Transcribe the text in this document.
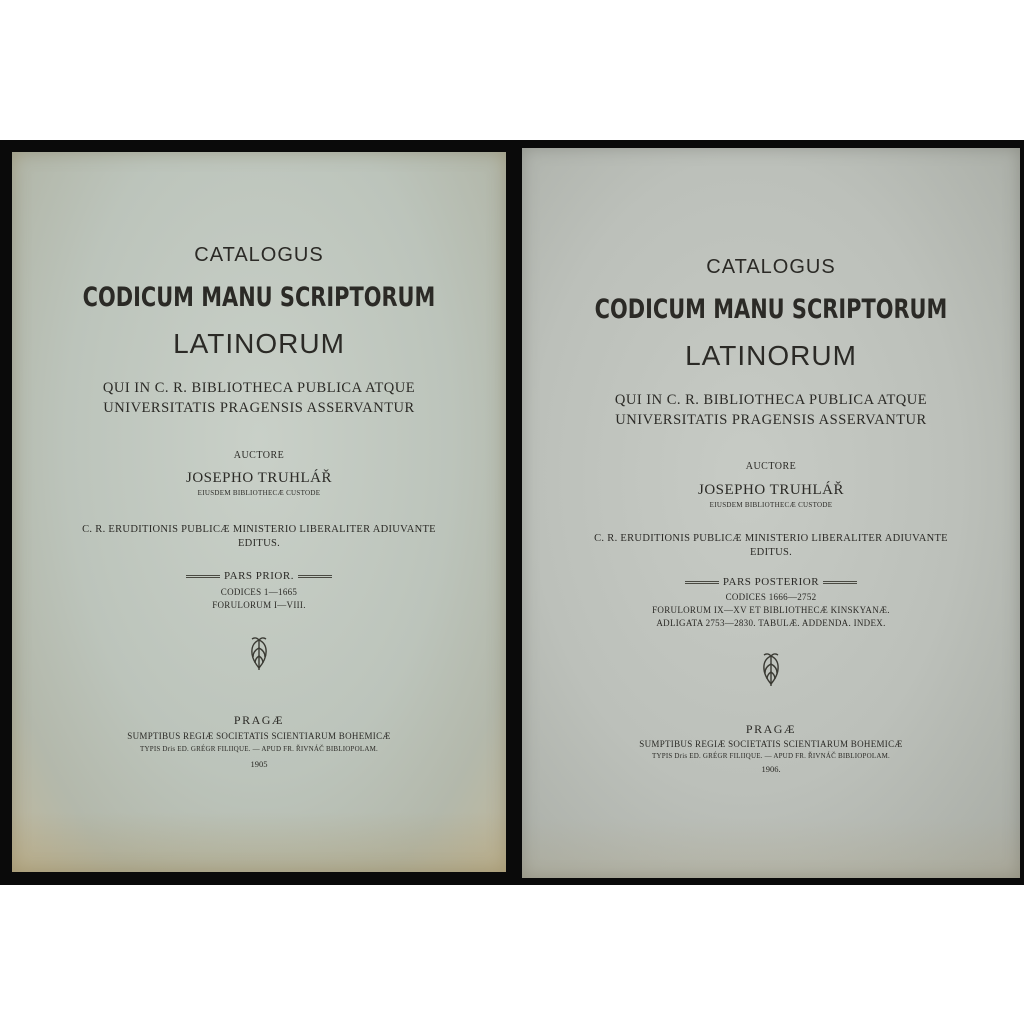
CATALOGUS
CODICUM MANU SCRIPTORUM
LATINORUM
QUI IN C. R. BIBLIOTHECA PUBLICA ATQUE
UNIVERSITATIS PRAGENSIS ASSERVANTUR
AUCTORE
JOSEPHO TRUHLÁŘ
EIUSDEM BIBLIOTHECÆ CUSTODE
C. R. ERUDITIONIS PUBLICÆ MINISTERIO LIBERALITER ADIUVANTE
EDITUS.
PARS PRIOR.
CODICES 1—1665
FORULORUM I—VIII.
PRAGÆ
SUMPTIBUS REGIÆ SOCIETATIS SCIENTIARUM BOHEMICÆ
TYPIS Dris ED. GRÉGR FILIIQUE. — APUD FR. ŘIVNÁČ BIBLIOPOLAM.
1905
CATALOGUS
CODICUM MANU SCRIPTORUM
LATINORUM
QUI IN C. R. BIBLIOTHECA PUBLICA ATQUE
UNIVERSITATIS PRAGENSIS ASSERVANTUR
AUCTORE
JOSEPHO TRUHLÁŘ
EIUSDEM BIBLIOTHECÆ CUSTODE
C. R. ERUDITIONIS PUBLICÆ MINISTERIO LIBERALITER ADIUVANTE
EDITUS.
PARS POSTERIOR
CODICES 1666—2752
FORULORUM IX—XV ET BIBLIOTHECÆ KINSKYANÆ.
ADLIGATA 2753—2830. TABULÆ. ADDENDA. INDEX.
PRAGÆ
SUMPTIBUS REGIÆ SOCIETATIS SCIENTIARUM BOHEMICÆ
TYPIS Dris ED. GRÉGR FILIIQUE. — APUD FR. ŘIVNÁČ BIBLIOPOLAM.
1906.
